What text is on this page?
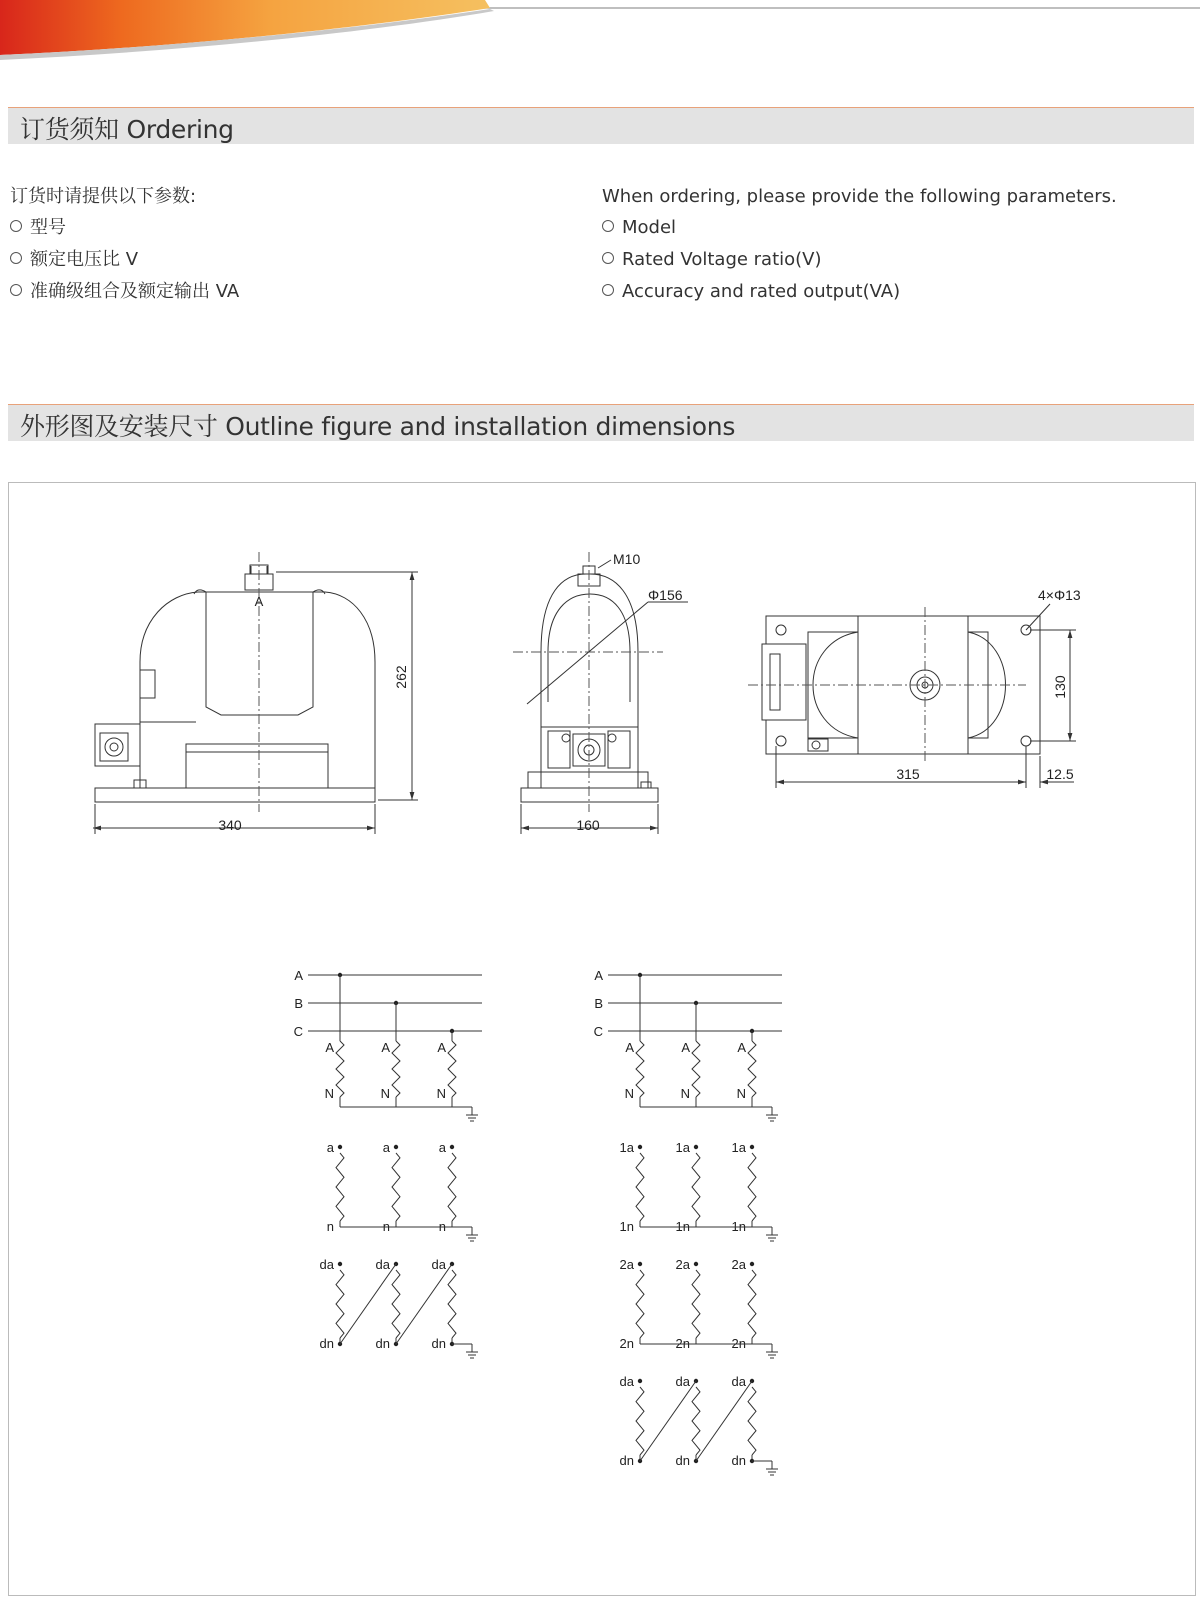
订货须知 Ordering
订货时请提供以下参数:
型号
额定电压比 V
准确级组合及额定输出 VA
When ordering, please provide the following parameters.
Model
Rated Voltage ratio(V)
Accuracy and rated output(VA)
外形图及安装尺寸 Outline figure and installation dimensions
A
340
262
M10
Φ156
160
4×Φ13
315	12.5
130
A
B
C
A
N
A
N
A
N
a
n
a
n
a
n
da
dn
da
dn
da
dn
A
B
C
A
N
A
N
A
N
1a
1n
1a
1n
1a
1n
2a
2n
2a
2n
2a
2n
da
dn
da
dn
da
dn
